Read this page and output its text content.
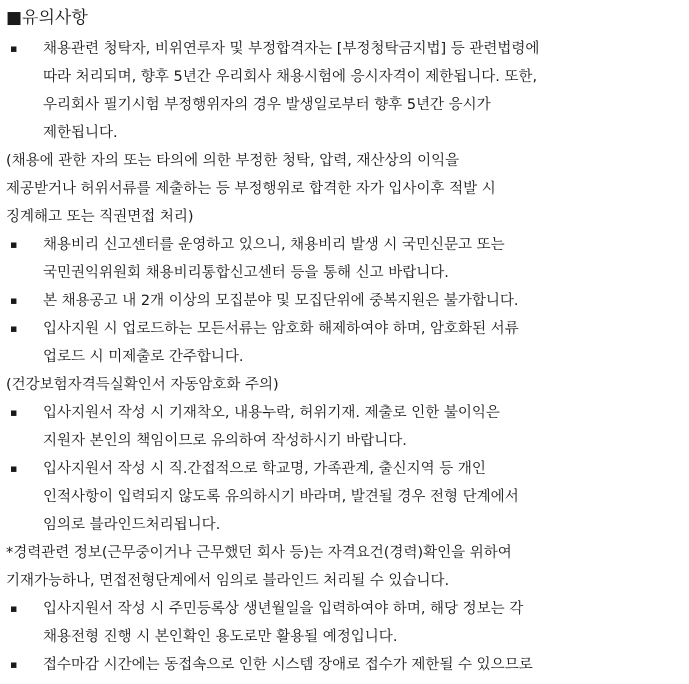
■유의사항
▪ 채용관련 청탁자, 비위연루자 및 부정합격자는 [부정청탁금지법] 등 관련법령에
따라 처리되며, 향후 5년간 우리회사 채용시험에 응시자격이 제한됩니다. 또한,
우리회사 필기시험 부정행위자의 경우 발생일로부터 향후 5년간 응시가
제한됩니다.
(채용에 관한 자의 또는 타의에 의한 부정한 청탁, 압력, 재산상의 이익을
제공받거나 허위서류를 제출하는 등 부정행위로 합격한 자가 입사이후 적발 시
징계해고 또는 직권면접 처리)
▪ 채용비리 신고센터를 운영하고 있으니, 채용비리 발생 시 국민신문고 또는
국민권익위원회 채용비리통합신고센터 등을 통해 신고 바랍니다.
▪ 본 채용공고 내 2개 이상의 모집분야 및 모집단위에 중복지원은 불가합니다.
▪ 입사지원 시 업로드하는 모든서류는 암호화 해제하여야 하며, 암호화된 서류
업로드 시 미제출로 간주합니다.
(건강보험자격득실확인서 자동암호화 주의)
▪ 입사지원서 작성 시 기재착오, 내용누락, 허위기재. 제출로 인한 불이익은
지원자 본인의 책임이므로 유의하여 작성하시기 바랍니다.
▪ 입사지원서 작성 시 직.간접적으로 학교명, 가족관계, 출신지역 등 개인
인적사항이 입력되지 않도록 유의하시기 바라며, 발견될 경우 전형 단계에서
임의로 블라인드처리됩니다.
*경력관련 정보(근무중이거나 근무했던 회사 등)는 자격요건(경력)확인을 위하여
기재가능하나, 면접전형단계에서 임의로 블라인드 처리될 수 있습니다.
▪ 입사지원서 작성 시 주민등록상 생년월일을 입력하여야 하며, 해당 정보는 각
채용전형 진행 시 본인확인 용도로만 활용될 예정입니다.
▪ 접수마감 시간에는 동접속으로 인한 시스템 장애로 접수가 제한될 수 있으므로
